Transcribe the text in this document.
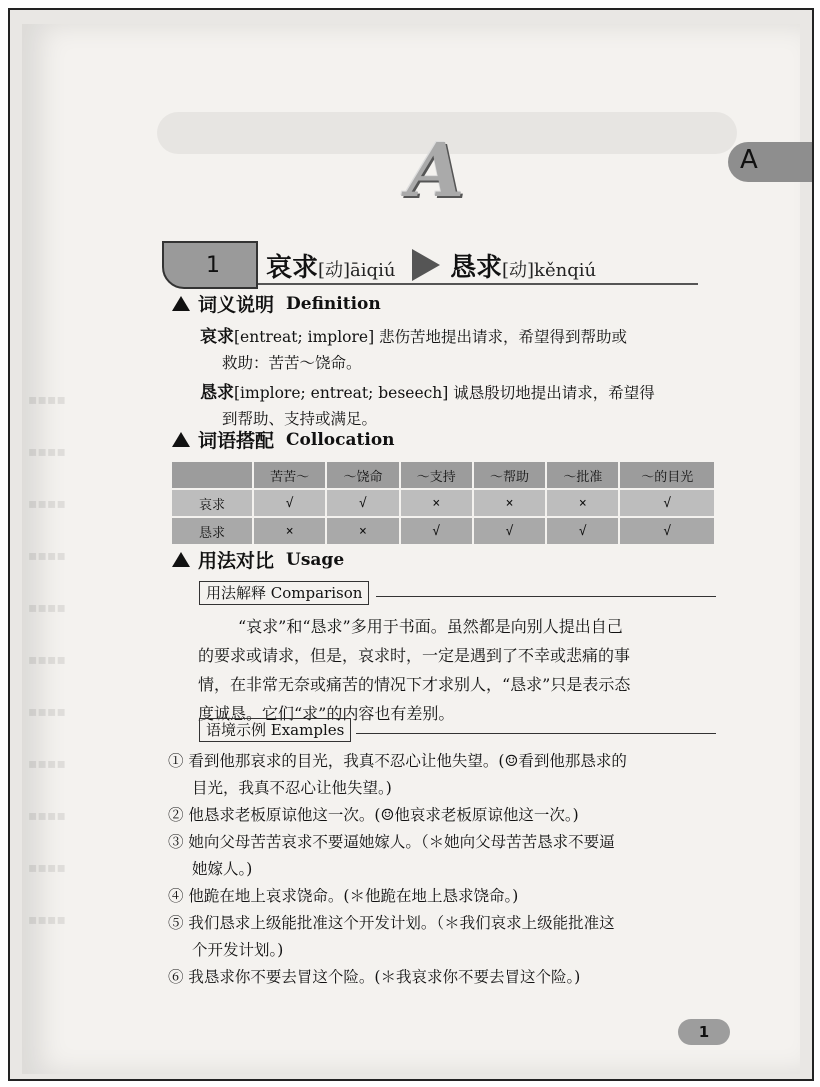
▪▪▪▪
▪▪▪▪
▪▪▪▪
▪▪▪▪
▪▪▪▪
▪▪▪▪
▪▪▪▪
▪▪▪▪
▪▪▪▪
▪▪▪▪
▪▪▪▪
A	A
1 哀求[动]āiqiú 恳求[动]kěnqiú
词义说明 Definition
哀求[entreat; implore] 悲伤苦地提出请求，希望得到帮助或
救助：苦苦～饶命。
恳求[implore; entreat; beseech] 诚恳殷切地提出请求，希望得
到帮助、支持或满足。
词语搭配 Collocation
	苦苦～	～饶命	～支持	～帮助	～批准	～的目光
哀求	√	√	×	×	×	√
恳求	×	×	√	√	√	√
用法对比 Usage
用法解释 Comparison
“哀求”和“恳求”多用于书面。虽然都是向别人提出自己
的要求或请求，但是，哀求时，一定是遇到了不幸或悲痛的事
情，在非常无奈或痛苦的情况下才求别人，“恳求”只是表示态
度诚恳。它们“求”的内容也有差别。
语境示例 Examples
① 看到他那哀求的目光，我真不忍心让他失望。(☺看到他那恳求的
目光，我真不忍心让他失望。)
② 他恳求老板原谅他这一次。(☺他哀求老板原谅他这一次。)
③ 她向父母苦苦哀求不要逼她嫁人。（＊她向父母苦苦恳求不要逼
她嫁人。)
④ 他跪在地上哀求饶命。(＊他跪在地上恳求饶命。)
⑤ 我们恳求上级能批准这个开发计划。（＊我们哀求上级能批准这
个开发计划。)
⑥ 我恳求你不要去冒这个险。(＊我哀求你不要去冒这个险。)
1
